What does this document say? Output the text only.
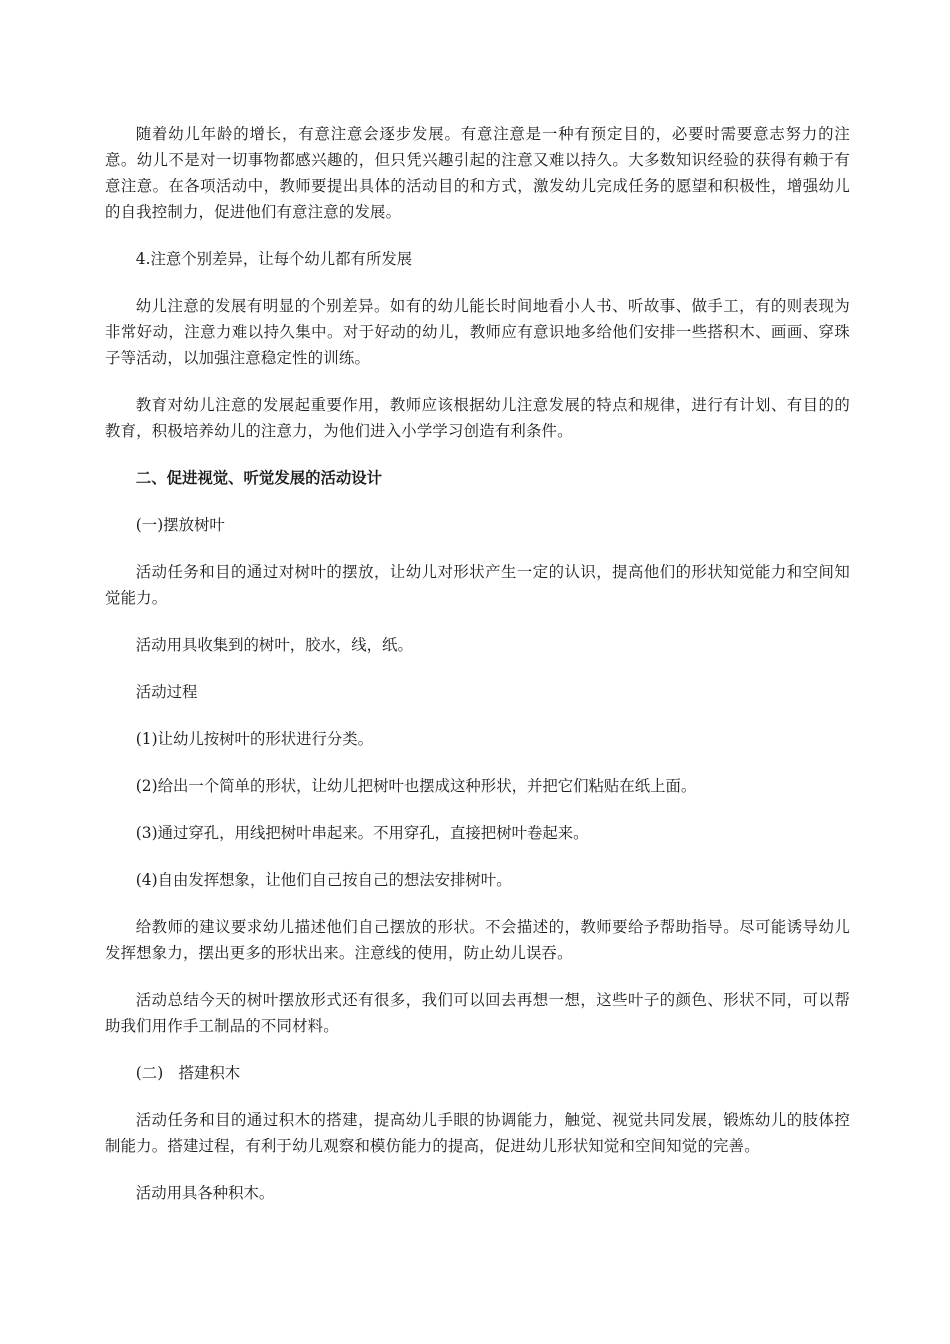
随着幼儿年龄的增长，有意注意会逐步发展。有意注意是一种有预定目的，必要时需要意志努力的注意。幼儿不是对一切事物都感兴趣的，但只凭兴趣引起的注意又难以持久。大多数知识经验的获得有赖于有意注意。在各项活动中，教师要提出具体的活动目的和方式，激发幼儿完成任务的愿望和积极性，增强幼儿的自我控制力，促进他们有意注意的发展。

4.注意个别差异，让每个幼儿都有所发展

幼儿注意的发展有明显的个别差异。如有的幼儿能长时间地看小人书、听故事、做手工，有的则表现为非常好动，注意力难以持久集中。对于好动的幼儿，教师应有意识地多给他们安排一些搭积木、画画、穿珠子等活动，以加强注意稳定性的训练。

教育对幼儿注意的发展起重要作用，教师应该根据幼儿注意发展的特点和规律，进行有计划、有目的的教育，积极培养幼儿的注意力，为他们进入小学学习创造有利条件。

二、促进视觉、听觉发展的活动设计

(一)摆放树叶

活动任务和目的通过对树叶的摆放，让幼儿对形状产生一定的认识，提高他们的形状知觉能力和空间知觉能力。

活动用具收集到的树叶，胶水，线，纸。

活动过程

(1)让幼儿按树叶的形状进行分类。

(2)给出一个简单的形状，让幼儿把树叶也摆成这种形状，并把它们粘贴在纸上面。

(3)通过穿孔，用线把树叶串起来。不用穿孔，直接把树叶卷起来。

(4)自由发挥想象，让他们自己按自己的想法安排树叶。

给教师的建议要求幼儿描述他们自己摆放的形状。不会描述的，教师要给予帮助指导。尽可能诱导幼儿发挥想象力，摆出更多的形状出来。注意线的使用，防止幼儿误吞。

活动总结今天的树叶摆放形式还有很多，我们可以回去再想一想，这些叶子的颜色、形状不同，可以帮助我们用作手工制品的不同材料。

(二)　搭建积木

活动任务和目的通过积木的搭建，提高幼儿手眼的协调能力，触觉、视觉共同发展，锻炼幼儿的肢体控制能力。搭建过程，有利于幼儿观察和模仿能力的提高，促进幼儿形状知觉和空间知觉的完善。

活动用具各种积木。
